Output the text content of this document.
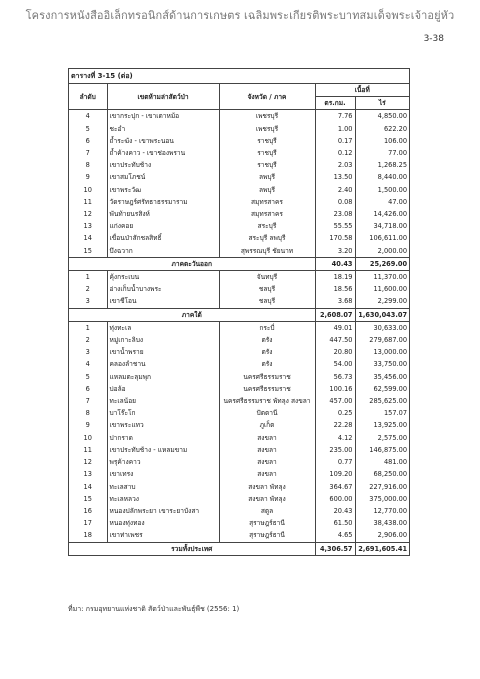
โครงการหนังสืออิเล็กทรอนิกส์ด้านการเกษตร เฉลิมพระเกียรติพระบาทสมเด็จพระเจ้าอยู่หัว
3-38
ตารางที่ 3-15 (ต่อ)				
ลำดับ	เขตห้ามล่าสัตว์ป่า	จังหวัด / ภาค	เนื้อที่	
			ตร.กม.	ไร่
4	เขากระปุก - เขาเตาหม้อ	เพชรบุรี	7.76	4,850.00
5	ชะอำ	เพชรบุรี	1.00	622.20
6	ถ้ำระฆัง - เขาพระนอน	ราชบุรี	0.17	106.00
7	ถ้ำค้างคาว - เขาช่องพราน	ราชบุรี	0.12	77.00
8	เขาประทับช้าง	ราชบุรี	2.03	1,268.25
9	เขาสมโภชน์	ลพบุรี	13.50	8,440.00
10	เขาพระวัฒ	ลพบุรี	2.40	1,500.00
11	วัดราษฎร์ศรัทธาธรรมาราม	สมุทรสาคร	0.08	47.00
12	พันท้ายนรสิงห์	สมุทรสาคร	23.08	14,426.00
13	แก่งคอย	สระบุรี	55.55	34,718.00
14	เขื่อนป่าสักชลสิทธิ์	สระบุรี ลพบุรี	170.58	106,611.00
15	บึงฉวาก	สุพรรณบุรี ชัยนาท	3.20	2,000.00
ภาคตะวันออก			40.43	25,269.00
1	คุ้งกระเบน	จันทบุรี	18.19	11,370.00
2	อ่างเก็บน้ำบางพระ	ชลบุรี	18.56	11,600.00
3	เขาชีโอน	ชลบุรี	3.68	2,299.00
ภาคใต้			2,608.07	1,630,043.07
1	ทุ่งทะเล	กระบี่	49.01	30,633.00
2	หมู่เกาะลิบง	ตรัง	447.50	279,687.00
3	เขาน้ำพราย	ตรัง	20.80	13,000.00
4	คลองลำชาน	ตรัง	54.00	33,750.00
5	แหลมตะลุมพุก	นครศรีธรรมราช	56.73	35,456.00
6	บ่อล้อ	นครศรีธรรมราช	100.16	62,599.00
7	ทะเลน้อย	นครศรีธรรมราช พัทลุง สงขลา	457.00	285,625.00
8	บาโร๊ะโก	ปัตตานี	0.25	157.07
9	เขาพระแทว	ภูเก็ต	22.28	13,925.00
10	ปากราด	สงขลา	4.12	2,575.00
11	เขาประทับช้าง - แหลมขาม	สงขลา	235.00	146,875.00
12	พรุค้างคาว	สงขลา	0.77	481.00
13	เขาเทรง	สงขลา	109.20	68,250.00
14	ทะเลสาบ	สงขลา พัทลุง	364.67	227,916.00
15	ทะเลหลวง	สงขลา พัทลุง	600.00	375,000.00
16	หนองปลักพระยา เขาระยาบังสา	สตูล	20.43	12,770.00
17	หนองทุ่งทอง	สุราษฎร์ธานี	61.50	38,438.00
18	เขาท่าเพชร	สุราษฎร์ธานี	4.65	2,906.00
รวมทั้งประเทศ			4,306.57	2,691,605.41
ที่มา: กรมอุทยานแห่งชาติ สัตว์ป่าและพันธุ์พืช (2556: 1)
